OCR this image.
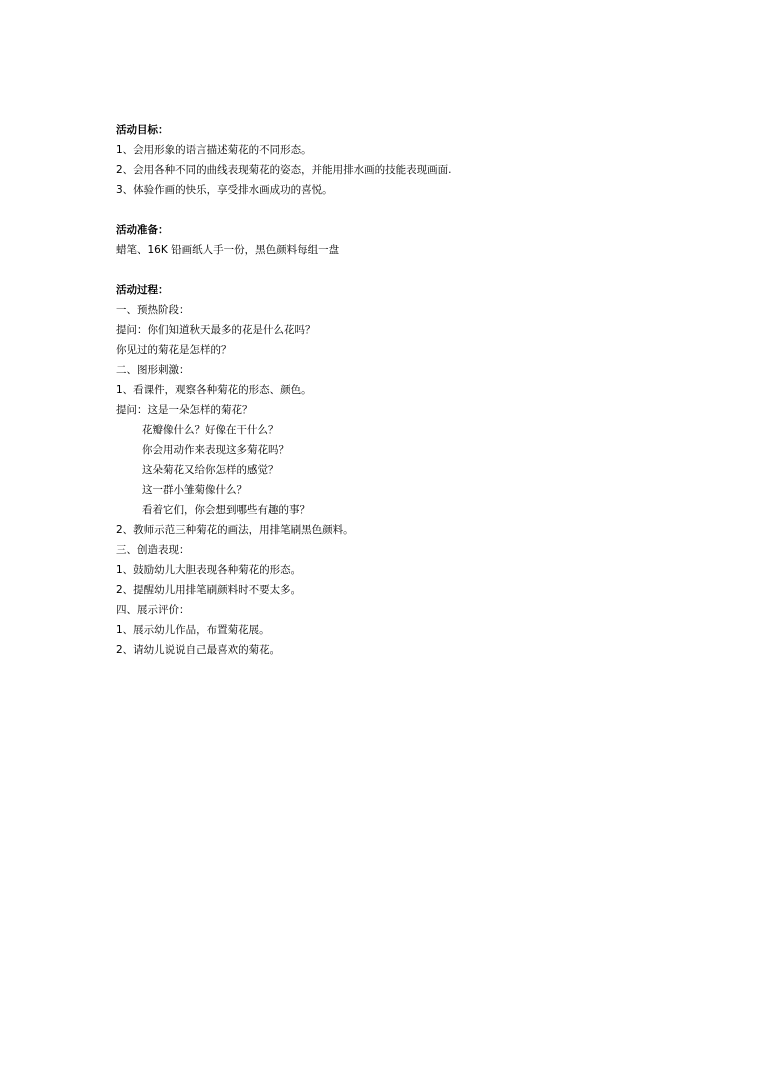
活动目标：
1、会用形象的语言描述菊花的不同形态。
2、会用各种不同的曲线表现菊花的姿态，并能用排水画的技能表现画面.
3、体验作画的快乐，享受排水画成功的喜悦。
活动准备：
蜡笔、16K 铅画纸人手一份，黑色颜料每组一盘
活动过程：
一、预热阶段：
提问：你们知道秋天最多的花是什么花吗？
你见过的菊花是怎样的？
二、图形刺激：
1、看课件，观察各种菊花的形态、颜色。
提问：这是一朵怎样的菊花？
花瓣像什么？好像在干什么？
你会用动作来表现这多菊花吗？
这朵菊花又给你怎样的感觉？
这一群小雏菊像什么？
看着它们，你会想到哪些有趣的事？
2、教师示范三种菊花的画法，用排笔刷黑色颜料。
三、创造表现：
1、鼓励幼儿大胆表现各种菊花的形态。
2、提醒幼儿用排笔刷颜料时不要太多。
四、展示评价：
1、展示幼儿作品，布置菊花展。
2、请幼儿说说自己最喜欢的菊花。
